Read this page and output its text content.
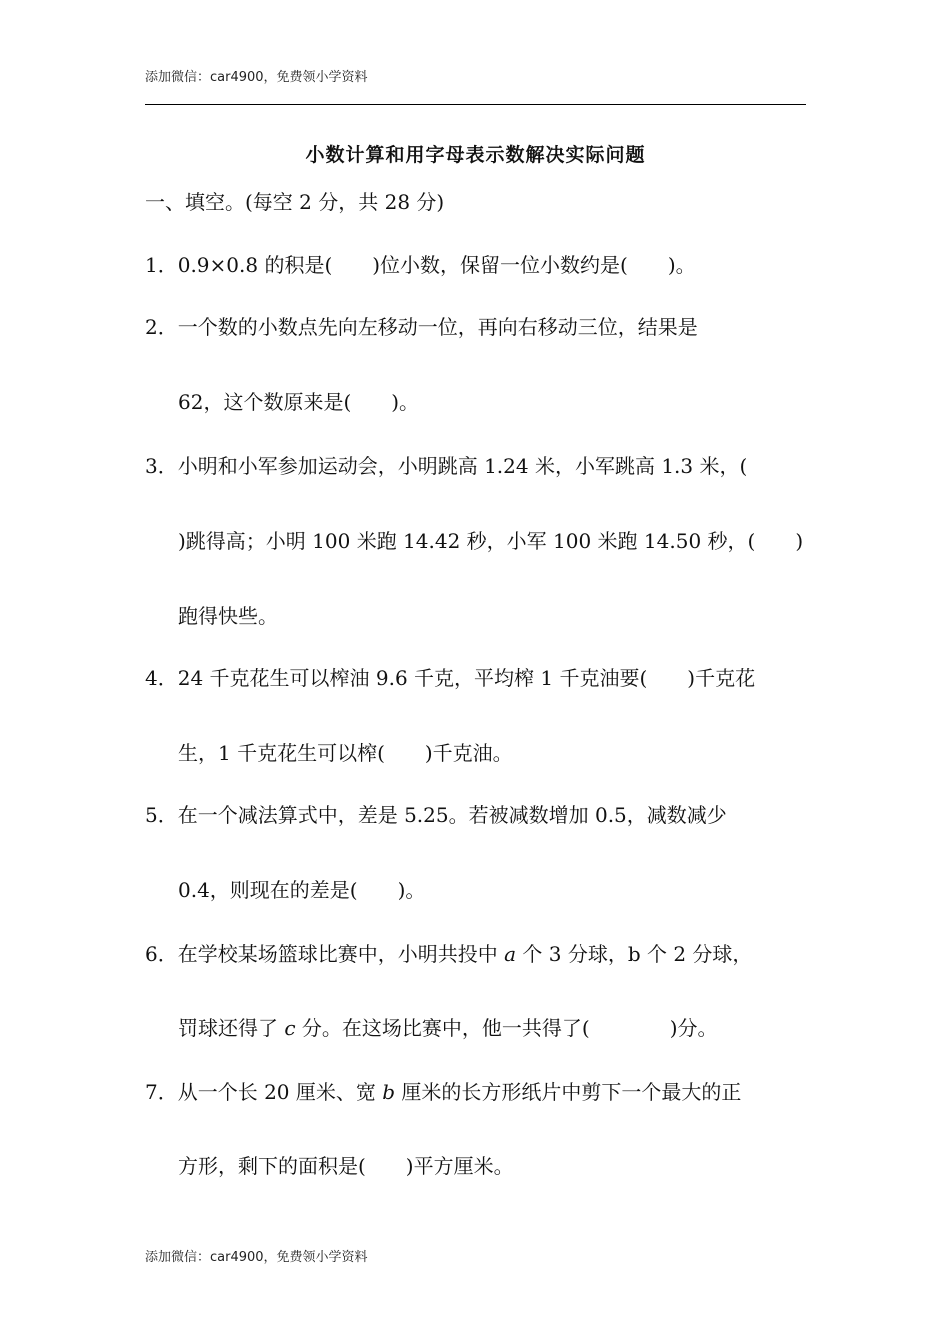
添加微信：car4900，免费领小学资料
小数计算和用字母表示数解决实际问题
一、填空。(每空 2 分，共 28 分)
1．0.9×0.8 的积是(　　)位小数，保留一位小数约是(　　)。
2．一个数的小数点先向左移动一位，再向右移动三位，结果是
62，这个数原来是(　　)。
3．小明和小军参加运动会，小明跳高 1.24 米，小军跳高 1.3 米，(
)跳得高；小明 100 米跑 14.42 秒，小军 100 米跑 14.50 秒，(　　)
跑得快些。
4．24 千克花生可以榨油 9.6 千克，平均榨 1 千克油要(　　)千克花
生，1 千克花生可以榨(　　)千克油。
5．在一个减法算式中，差是 5.25。若被减数增加 0.5，减数减少
0.4，则现在的差是(　　)。
6．在学校某场篮球比赛中，小明共投中 a 个 3 分球，b 个 2 分球，
罚球还得了 c 分。在这场比赛中，他一共得了(　　　　)分。
7．从一个长 20 厘米、宽 b 厘米的长方形纸片中剪下一个最大的正
方形，剩下的面积是(　　)平方厘米。
添加微信：car4900，免费领小学资料
